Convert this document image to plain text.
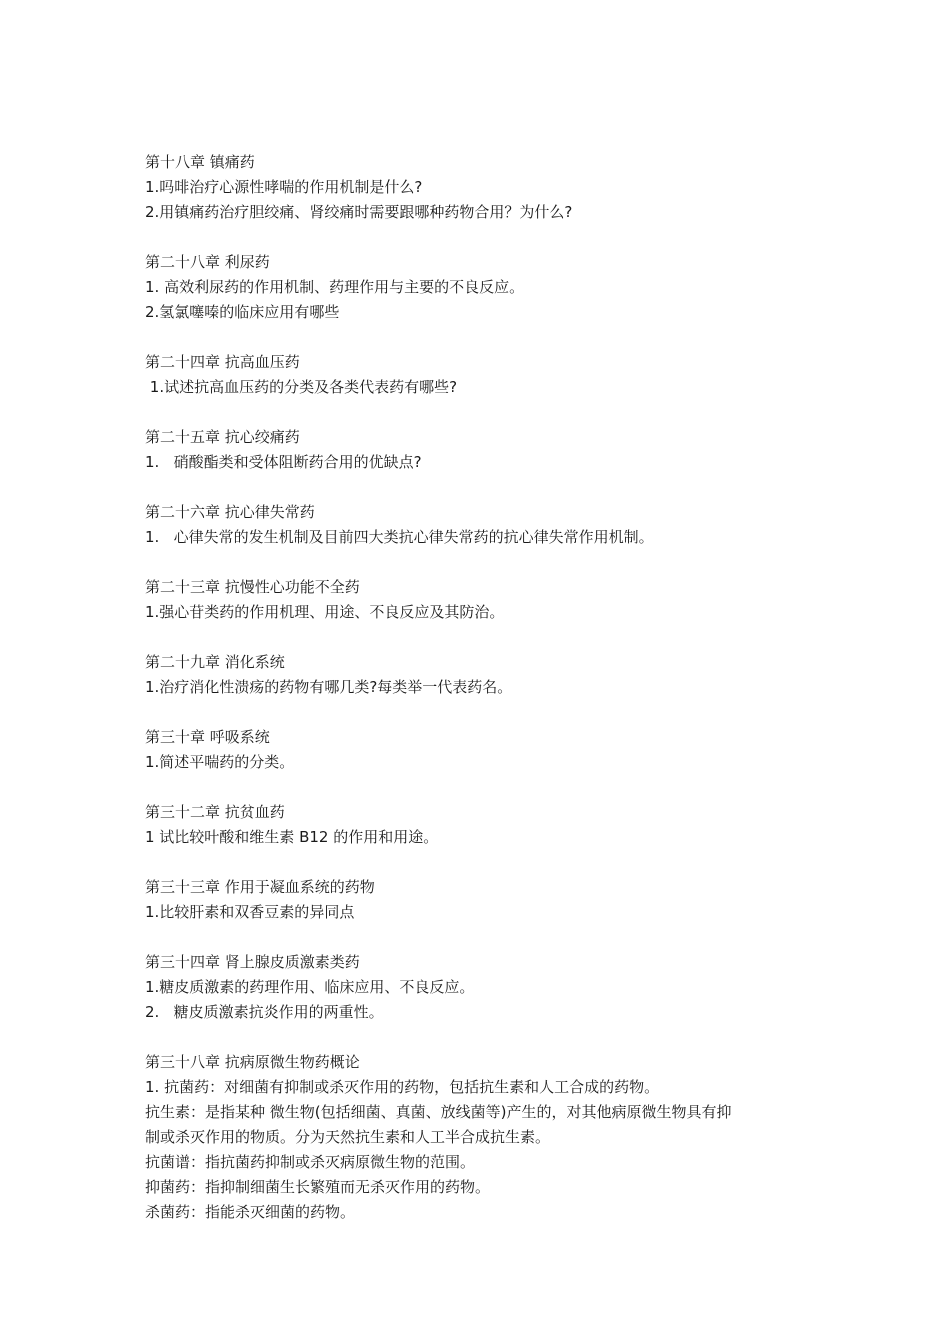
第十八章 镇痛药

1.吗啡治疗心源性哮喘的作用机制是什么?

2.用镇痛药治疗胆绞痛、肾绞痛时需要跟哪种药物合用？为什么?

第二十八章 利尿药

1. 高效利尿药的作用机制、药理作用与主要的不良反应。

2.氢氯噻嗪的临床应用有哪些

第二十四章 抗高血压药

1.试述抗高血压药的分类及各类代表药有哪些?

第二十五章 抗心绞痛药

1.   硝酸酯类和受体阻断药合用的优缺点?

第二十六章 抗心律失常药

1.   心律失常的发生机制及目前四大类抗心律失常药的抗心律失常作用机制。

第二十三章 抗慢性心功能不全药

1.强心苷类药的作用机理、用途、不良反应及其防治。

第二十九章 消化系统

1.治疗消化性溃疡的药物有哪几类?每类举一代表药名。

第三十章 呼吸系统

1.简述平喘药的分类。

第三十二章 抗贫血药

1 试比较叶酸和维生素 B12 的作用和用途。

第三十三章 作用于凝血系统的药物

1.比较肝素和双香豆素的异同点

第三十四章 肾上腺皮质激素类药

1.糖皮质激素的药理作用、临床应用、不良反应。

2.   糖皮质激素抗炎作用的两重性。

第三十八章 抗病原微生物药概论

1. 抗菌药：对细菌有抑制或杀灭作用的药物，包括抗生素和人工合成的药物。

抗生素：是指某种 微生物(包括细菌、真菌、放线菌等)产生的，对其他病原微生物具有抑

制或杀灭作用的物质。分为天然抗生素和人工半合成抗生素。

抗菌谱：指抗菌药抑制或杀灭病原微生物的范围。

抑菌药：指抑制细菌生长繁殖而无杀灭作用的药物。

杀菌药：指能杀灭细菌的药物。
